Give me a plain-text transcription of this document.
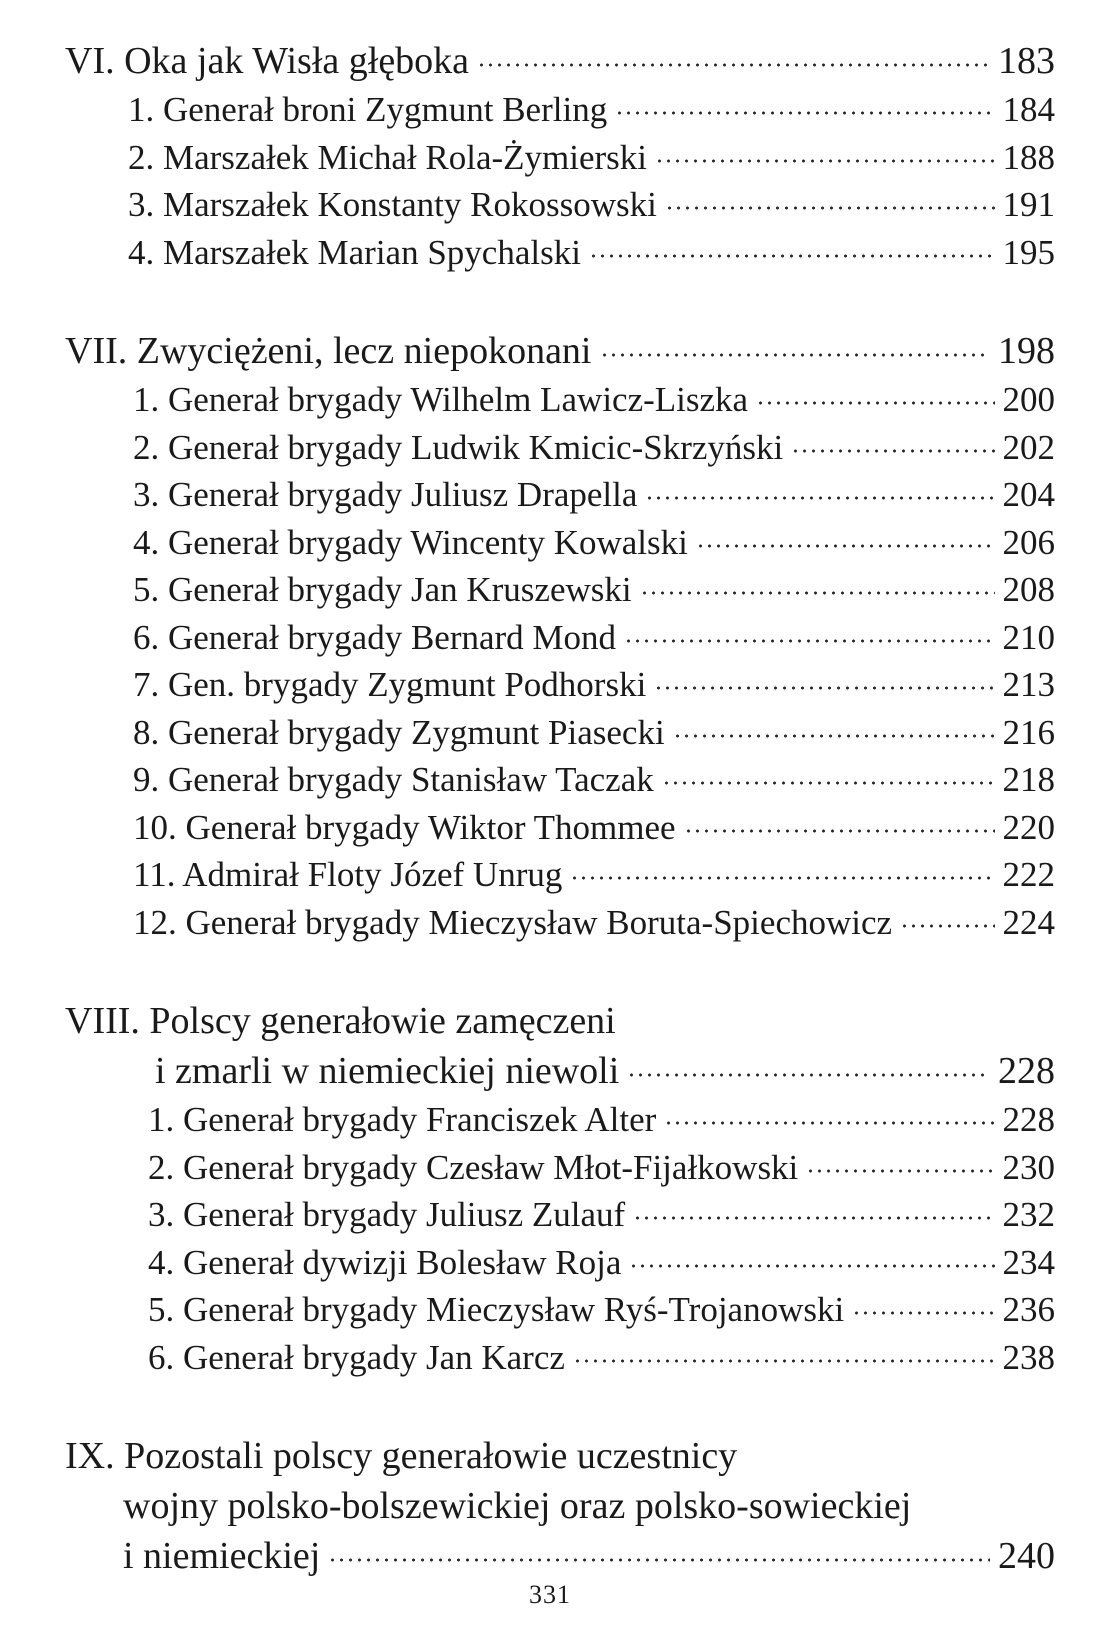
VI. Oka jak Wisła głęboka	183
1. Generał broni Zygmunt Berling	184
2. Marszałek Michał Rola-Żymierski	188
3. Marszałek Konstanty Rokossowski	191
4. Marszałek Marian Spychalski	195
VII. Zwyciężeni, lecz niepokonani	198
1. Generał brygady Wilhelm Lawicz-Liszka	200
2. Generał brygady Ludwik Kmicic-Skrzyński	202
3. Generał brygady Juliusz Drapella	204
4. Generał brygady Wincenty Kowalski	206
5. Generał brygady Jan Kruszewski	208
6. Generał brygady Bernard Mond	210
7. Gen. brygady Zygmunt Podhorski	213
8. Generał brygady Zygmunt Piasecki	216
9. Generał brygady Stanisław Taczak	218
10. Generał brygady Wiktor Thommee	220
11. Admirał Floty Józef Unrug	222
12. Generał brygady Mieczysław Boruta-Spiechowicz	224
VIII. Polscy generałowie zamęczeni
i zmarli w niemieckiej niewoli	228
1. Generał brygady Franciszek Alter	228
2. Generał brygady Czesław Młot-Fijałkowski	230
3. Generał brygady Juliusz Zulauf	232
4. Generał dywizji Bolesław Roja	234
5. Generał brygady Mieczysław Ryś-Trojanowski	236
6. Generał brygady Jan Karcz	238
IX. Pozostali polscy generałowie uczestnicy
wojny polsko-bolszewickiej oraz polsko-sowieckiej
i niemieckiej	240
331
